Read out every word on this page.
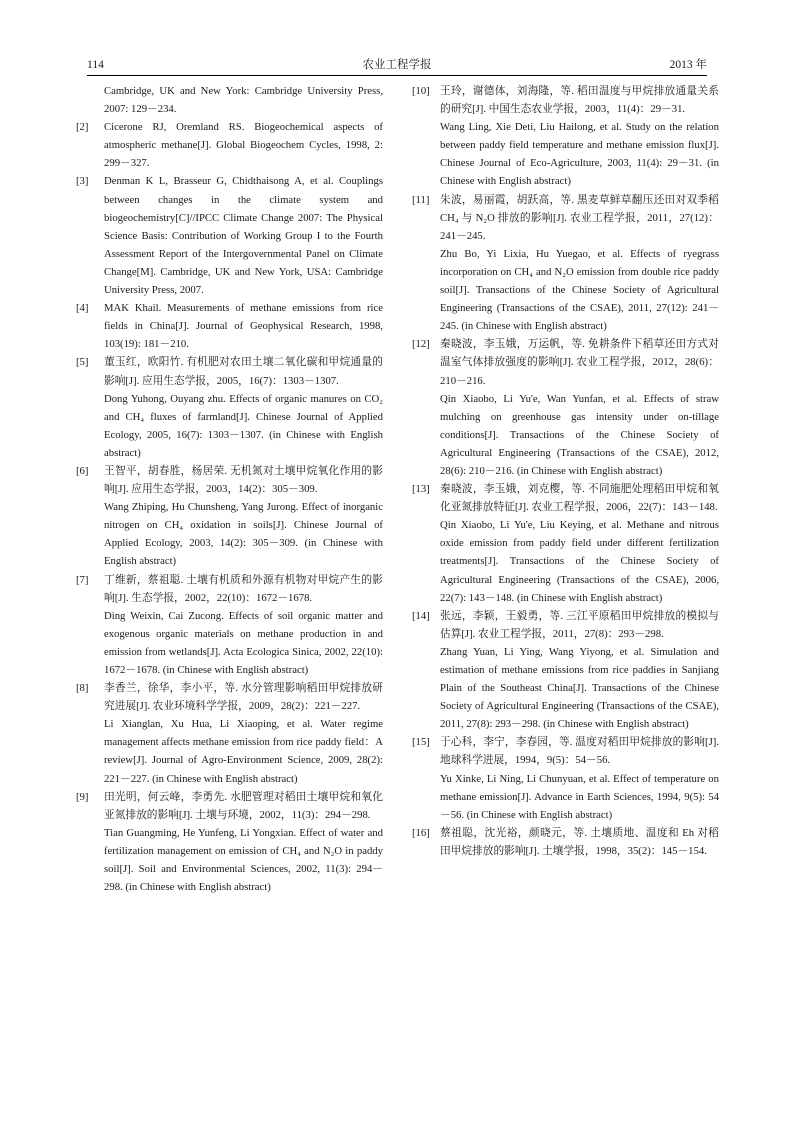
114	农业工程学报	2013 年
Cambridge, UK and New York: Cambridge University Press, 2007: 129－234.
[2] Cicerone RJ, Oremland RS. Biogeochemical aspects of atmospheric methane[J]. Global Biogeochem Cycles, 1998, 2: 299－327.
[3] Denman K L, Brasseur G, Chidthaisong A, et al. Couplings between changes in the climate system and biogeochemistry[C]//IPCC Climate Change 2007: The Physical Science Basis: Contribution of Working Group I to the Fourth Assessment Report of the Intergovernmental Panel on Climate Change[M]. Cambridge, UK and New York, USA: Cambridge University Press, 2007.
[4] MAK Khail. Measurements of methane emissions from rice fields in China[J]. Journal of Geophysical Research, 1998, 103(19): 181－210.
[5] 董玉红，欧阳竹. 有机肥对农田土壤二氧化碳和甲烷通量的影响[J]. 应用生态学报，2005，16(7)：1303－1307.
Dong Yuhong, Ouyang zhu. Effects of organic manures on CO₂ and CH₄ fluxes of farmland[J]. Chinese Journal of Applied Ecology, 2005, 16(7): 1303－1307. (in Chinese with English abstract)
[6] 王智平，胡春胜，杨居荣. 无机氮对土壤甲烷氧化作用的影响[J]. 应用生态学报，2003，14(2)：305－309.
Wang Zhiping, Hu Chunsheng, Yang Jurong. Effect of inorganic nitrogen on CH₄ oxidation in soils[J]. Chinese Journal of Applied Ecology, 2003, 14(2): 305－309. (in Chinese with English abstract)
[7] 丁维新，蔡祖聪. 土壤有机质和外源有机物对甲烷产生的影响[J]. 生态学报，2002，22(10)：1672－1678.
Ding Weixin, Cai Zucong. Effects of soil organic matter and exogenous organic materials on methane production in and emission from wetlands[J]. Acta Ecologica Sinica, 2002, 22(10): 1672－1678. (in Chinese with English abstract)
[8] 李香兰，徐华，李小平，等. 水分管理影响稻田甲烷排放研究进展[J]. 农业环境科学学报，2009，28(2)：221－227.
Li Xianglan, Xu Hua, Li Xiaoping, et al. Water regime management affects methane emission from rice paddy field：A review[J]. Journal of Agro-Environment Science, 2009, 28(2): 221－227. (in Chinese with English abstract)
[9] 田光明，何云峰，李勇先. 水肥管理对稻田土壤甲烷和氧化亚氮排放的影响[J]. 土壤与环境，2002，11(3)：294－298.
Tian Guangming, He Yunfeng, Li Yongxian. Effect of water and fertilization management on emission of CH₄ and N₂O in paddy soil[J]. Soil and Environmental Sciences, 2002, 11(3): 294－298. (in Chinese with English abstract)
[10] 王玲，谢德体，刘海隆，等. 稻田温度与甲烷排放通量关系的研究[J]. 中国生态农业学报，2003，11(4)：29－31.
Wang Ling, Xie Deti, Liu Hailong, et al. Study on the relation between paddy field temperature and methane emission flux[J]. Chinese Journal of Eco-Agriculture, 2003, 11(4): 29－31. (in Chinese with English abstract)
[11] 朱波，易丽霞，胡跃高，等. 黑麦草鲜草翻压还田对双季稻 CH₄ 与 N₂O 排放的影响[J]. 农业工程学报，2011，27(12)：241－245.
Zhu Bo, Yi Lixia, Hu Yuegao, et al. Effects of ryegrass incorporation on CH₄ and N₂O emission from double rice paddy soil[J]. Transactions of the Chinese Society of Agricultural Engineering (Transactions of the CSAE), 2011, 27(12): 241－245. (in Chinese with English abstract)
[12] 秦晓波，李玉娥，万运帆，等. 免耕条件下稻草还田方式对温室气体排放强度的影响[J]. 农业工程学报，2012，28(6)：210－216.
Qin Xiaobo, Li Yu'e, Wan Yunfan, et al. Effects of straw mulching on greenhouse gas intensity under on-tillage conditions[J]. Transactions of the Chinese Society of Agricultural Engineering (Transactions of the CSAE), 2012, 28(6): 210－216. (in Chinese with English abstract)
[13] 秦晓波，李玉娥，刘克樱，等. 不同施肥处理稻田甲烷和氧化亚氮排放特征[J]. 农业工程学报，2006，22(7)：143－148.
Qin Xiaobo, Li Yu'e, Liu Keying, et al. Methane and nitrous oxide emission from paddy field under different fertilization treatments[J]. Transactions of the Chinese Society of Agricultural Engineering (Transactions of the CSAE), 2006, 22(7): 143－148. (in Chinese with English abstract)
[14] 张远，李颖，王毅勇，等. 三江平原稻田甲烷排放的模拟与估算[J]. 农业工程学报，2011，27(8)：293－298.
Zhang Yuan, Li Ying, Wang Yiyong, et al. Simulation and estimation of methane emissions from rice paddies in Sanjiang Plain of the Southeast China[J]. Transactions of the Chinese Society of Agricultural Engineering (Transactions of the CSAE), 2011, 27(8): 293－298. (in Chinese with English abstract)
[15] 于心科，李宁，李春园，等. 温度对稻田甲烷排放的影响[J]. 地球科学进展，1994，9(5)：54－56.
Yu Xinke, Li Ning, Li Chunyuan, et al. Effect of temperature on methane emission[J]. Advance in Earth Sciences, 1994, 9(5): 54－56. (in Chinese with English abstract)
[16] 蔡祖聪，沈光裕，颜晓元，等. 土壤质地、温度和 Eh 对稻田甲烷排放的影响[J]. 土壤学报，1998，35(2)：145－154.
